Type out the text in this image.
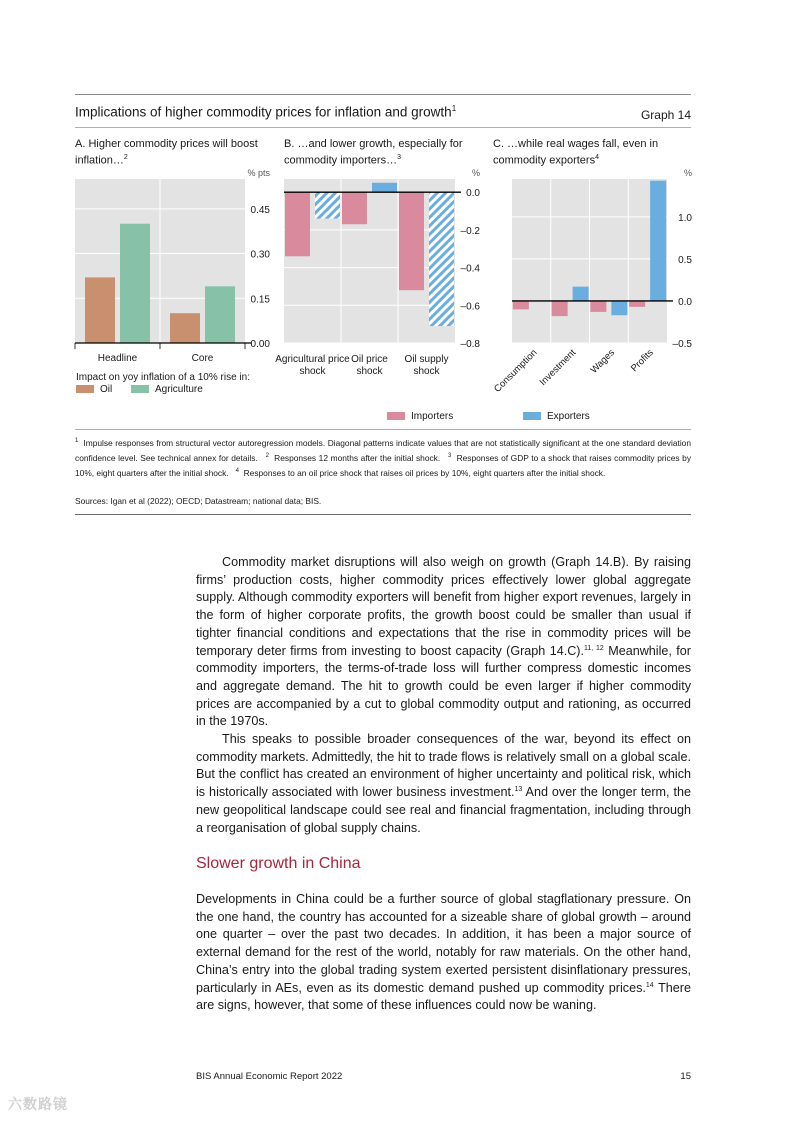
Implications of higher commodity prices for inflation and growth$^1$	Graph 14
A. Higher commodity prices will boost inflation…$^2$
B. …and lower growth, especially for commodity importers…$^3$
C. …while real wages fall, even in commodity exporters$^4$
0.00
0.15
0.30
0.45
% pts
Headline	Core
0.0
–0.2
–0.4
–0.6
–0.8
%
Agricultural price shock
Oil price shock
Oil supply shock
1.0
0.5
0.0
–0.5
%
Consumption
Investment Wages Profits
Impact on yoy inflation of a 10% rise in:
Oil	Agriculture
Importers	Exporters
$^1$ Impulse responses from structural vector autoregression models. Diagonal patterns indicate values that are not statistically significant at the one standard deviation confidence level. See technical annex for details. $^2$ Responses 12 months after the initial shock. $^3$ Responses of GDP to a shock that raises commodity prices by 10%, eight quarters after the initial shock. $^4$ Responses to an oil price shock that raises oil prices by 10%, eight quarters after the initial shock.
Sources: Igan et al (2022); OECD; Datastream; national data; BIS.

Commodity market disruptions will also weigh on growth (Graph 14.B). By raising firms’ production costs, higher commodity prices effectively lower global aggregate supply. Although commodity exporters will benefit from higher export revenues, largely in the form of higher corporate profits, the growth boost could be smaller than usual if tighter financial conditions and expectations that the rise in commodity prices will be temporary deter firms from investing to boost capacity (Graph 14.C).$^{11, 12}$ Meanwhile, for commodity importers, the terms-of-trade loss will further compress domestic incomes and aggregate demand. The hit to growth could be even larger if higher commodity prices are accompanied by a cut to global commodity output and rationing, as occurred in the 1970s.

This speaks to possible broader consequences of the war, beyond its effect on commodity markets. Admittedly, the hit to trade flows is relatively small on a global scale. But the conflict has created an environment of higher uncertainty and political risk, which is historically associated with lower business investment.$^{13}$ And over the longer term, the new geopolitical landscape could see real and financial fragmentation, including through a reorganisation of global supply chains.

Slower growth in China

Developments in China could be a further source of global stagflationary pressure. On the one hand, the country has accounted for a sizeable share of global growth – around one quarter – over the past two decades. In addition, it has been a major source of external demand for the rest of the world, notably for raw materials. On the other hand, China’s entry into the global trading system exerted persistent disinflationary pressures, particularly in AEs, even as its domestic demand pushed up commodity prices.$^{14}$ There are signs, however, that some of these influences could now be waning.

BIS Annual Economic Report 2022	15
六数路镜
